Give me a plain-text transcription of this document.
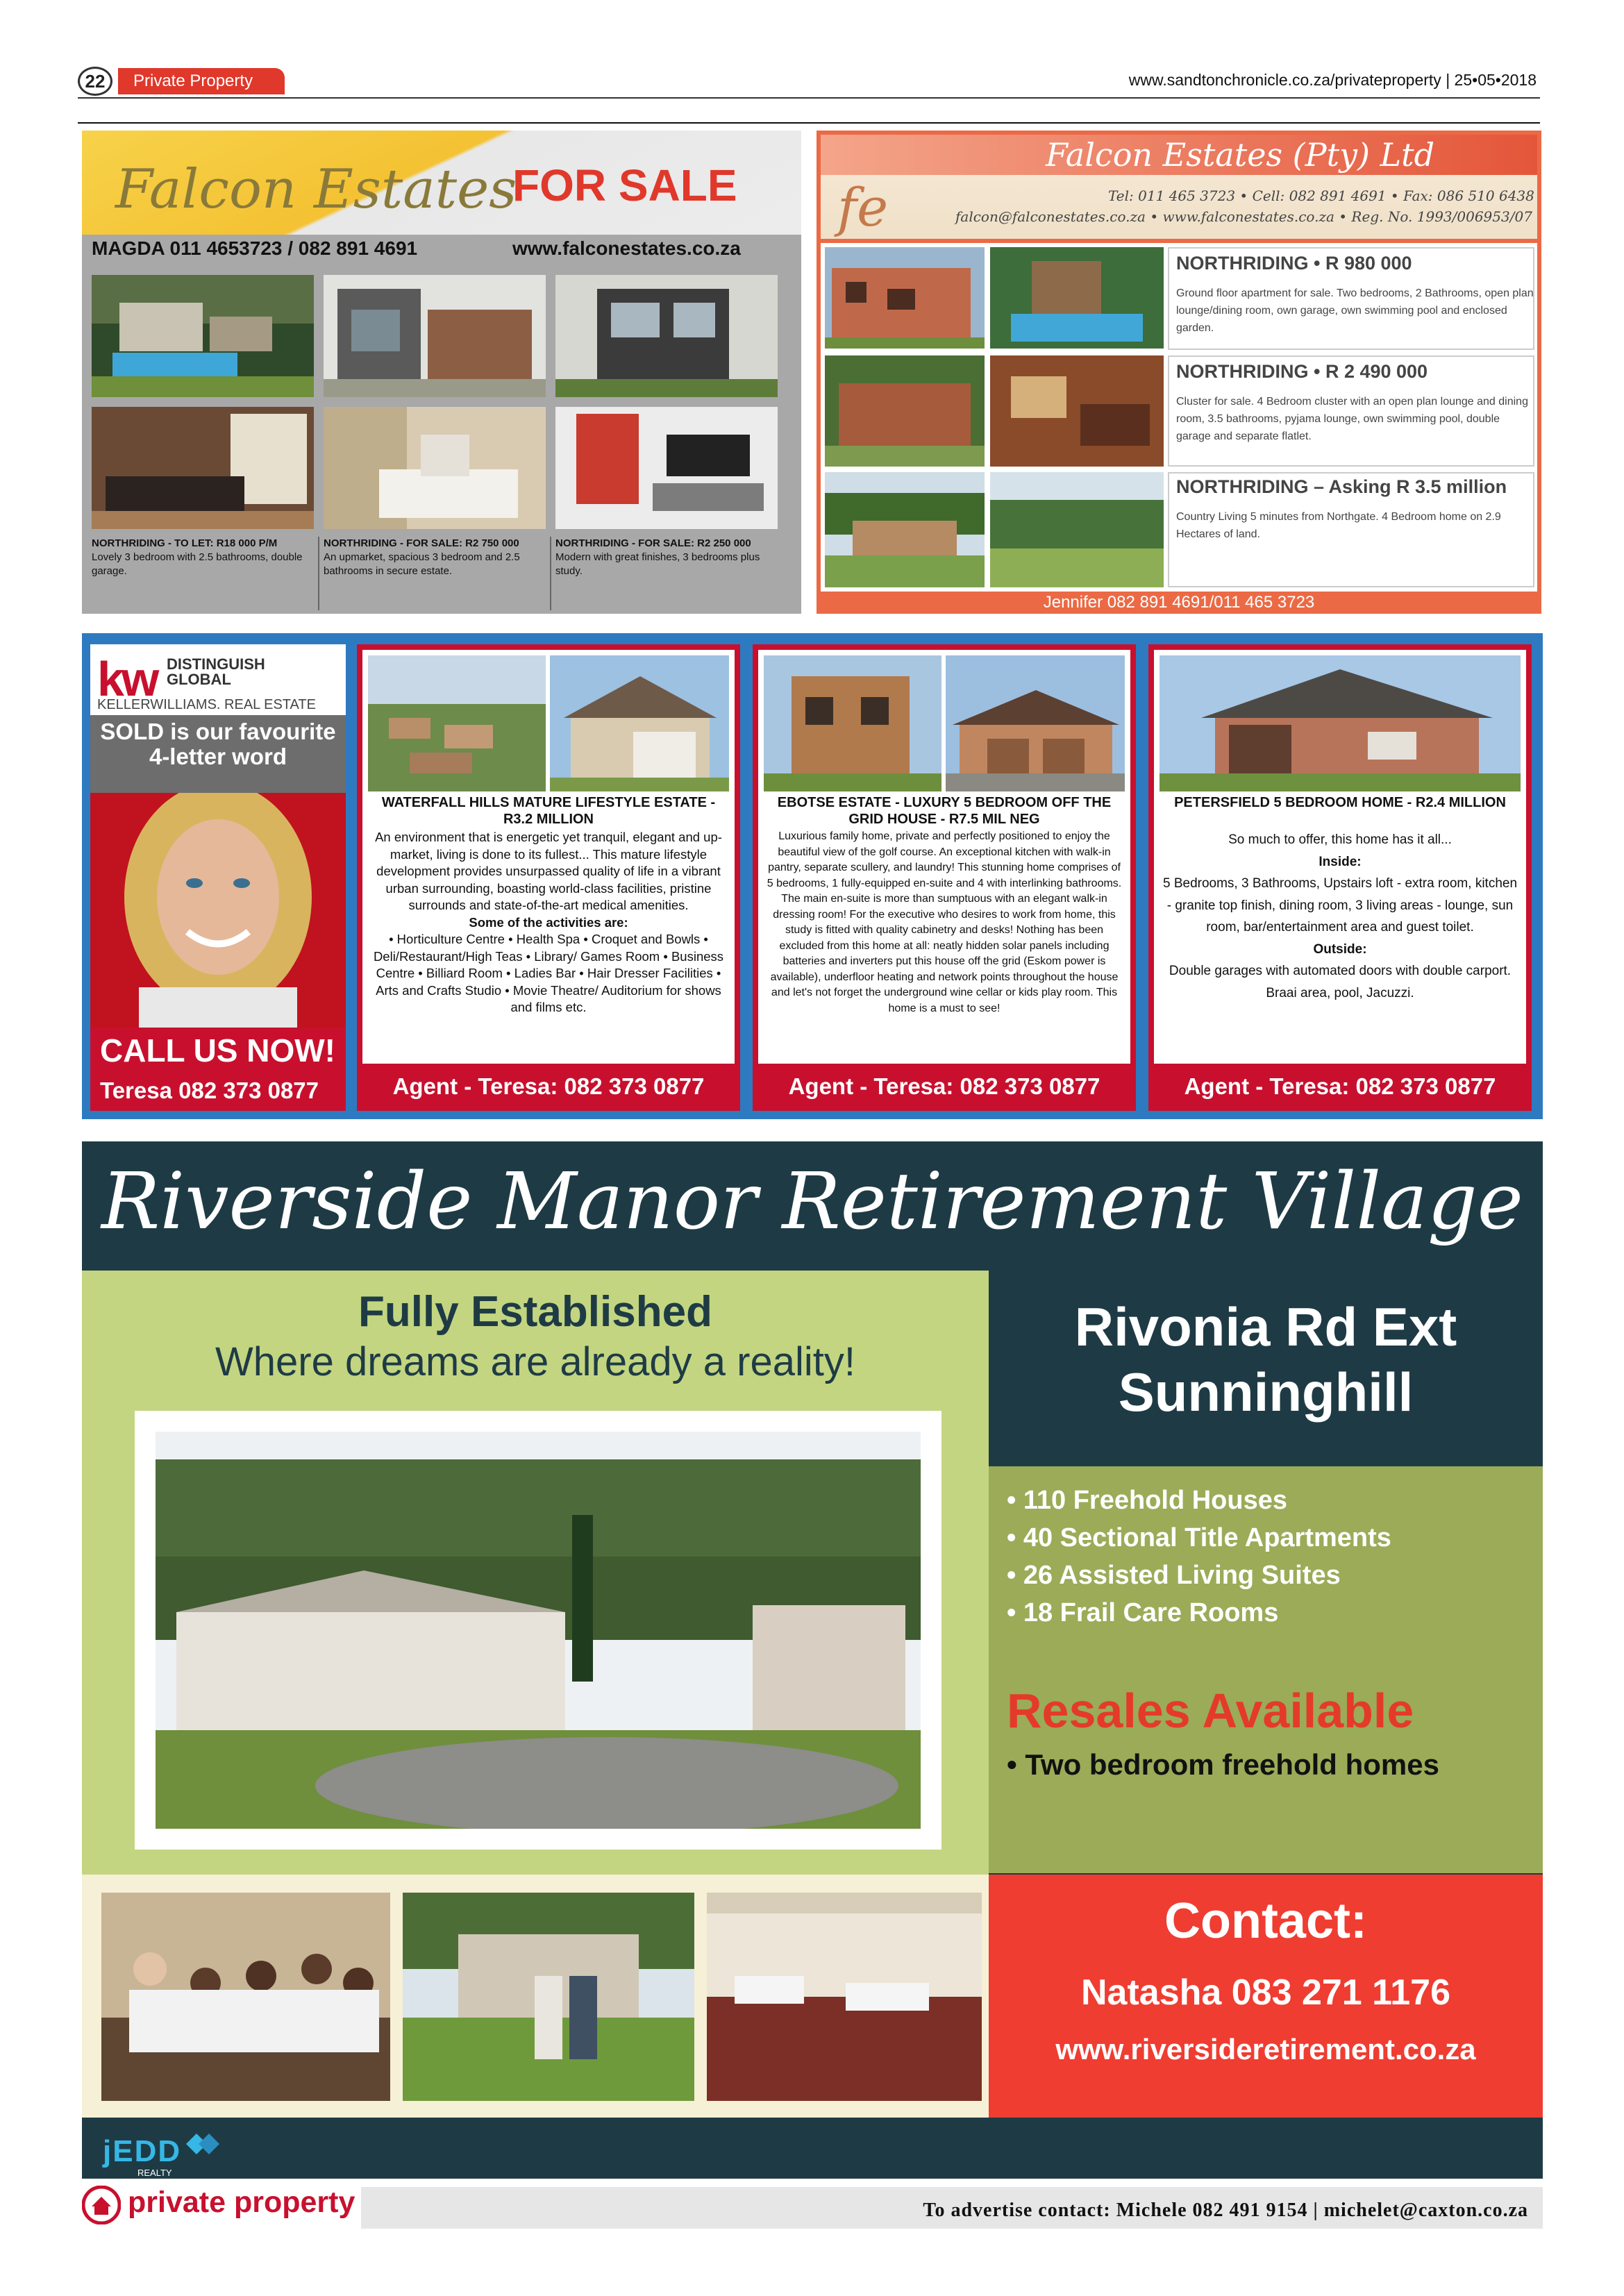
22	Private Property	www.sandtonchronicle.co.za/privateproperty | 25•05•2018
Falcon Estates
FOR SALE
MAGDA 011 4653723 / 082 891 4691	www.falconestates.co.za
NORTHRIDING - TO LET: R18 000 P/M
Lovely 3 bedroom with 2.5 bathrooms, double garage.
NORTHRIDING - FOR SALE: R2 750 000
An upmarket, spacious 3 bedroom and 2.5 bathrooms in secure estate.
NORTHRIDING - FOR SALE: R2 250 000
Modern with great finishes, 3 bedrooms plus study.
Falcon Estates (Pty) Ltd
fe	Tel: 011 465 3723 • Cell: 082 891 4691 • Fax: 086 510 6438
falcon@falconestates.co.za • www.falconestates.co.za • Reg. No. 1993/006953/07
NORTHRIDING • R 980 000
Ground floor apartment for sale. Two bedrooms, 2 Bathrooms, open plan lounge/dining room, own garage, own swimming pool and enclosed garden.
NORTHRIDING • R 2 490 000
Cluster for sale. 4 Bedroom cluster with an open plan lounge and dining room, 3.5 bathrooms, pyjama lounge, own swimming pool, double garage and separate flatlet.
NORTHRIDING – Asking R 3.5 million
Country Living 5 minutes from Northgate. 4 Bedroom home on 2.9 Hectares of land.
Jennifer 082 891 4691/011 465 3723
kw DISTINGUISH
GLOBAL
KELLERWILLIAMS. REAL ESTATE
SOLD is our favourite 4-letter word
CALL US NOW!
Teresa 082 373 0877
WATERFALL HILLS MATURE LIFESTYLE ESTATE - R3.2 MILLION
An environment that is energetic yet tranquil, elegant and up-market, living is done to its fullest... This mature lifestyle development provides unsurpassed quality of life in a vibrant urban surrounding, boasting world-class facilities, pristine surrounds and state-of-the-art medical amenities.
Some of the activities are:
• Horticulture Centre • Health Spa • Croquet and Bowls • Deli/Restaurant/High Teas • Library/ Games Room • Business Centre • Billiard Room • Ladies Bar • Hair Dresser Facilities • Arts and Crafts Studio • Movie Theatre/ Auditorium for shows and films etc.
Agent - Teresa: 082 373 0877
EBOTSE ESTATE - LUXURY 5 BEDROOM OFF THE GRID HOUSE - R7.5 MIL NEG
Luxurious family home, private and perfectly positioned to enjoy the beautiful view of the golf course. An exceptional kitchen with walk-in pantry, separate scullery, and laundry! This stunning home comprises of 5 bedrooms, 1 fully-equipped en-suite and 4 with interlinking bathrooms. The main en-suite is more than sumptuous with an elegant walk-in dressing room! For the executive who desires to work from home, this study is fitted with quality cabinetry and desks! Nothing has been excluded from this home at all: neatly hidden solar panels including batteries and inverters put this house off the grid (Eskom power is available), underfloor heating and network points throughout the house and let's not forget the underground wine cellar or kids play room. This home is a must to see!
Agent - Teresa: 082 373 0877
PETERSFIELD 5 BEDROOM HOME - R2.4 MILLION
So much to offer, this home has it all...
Inside:
5 Bedrooms, 3 Bathrooms, Upstairs loft - extra room, kitchen - granite top finish, dining room, 3 living areas - lounge, sun room, bar/entertainment area and guest toilet.
Outside:
Double garages with automated doors with double carport. Braai area, pool, Jacuzzi.
Agent - Teresa: 082 373 0877
Riverside Manor Retirement Village
Fully Established
Where dreams are already a reality!
Rivonia Rd Ext
Sunninghill
• 110 Freehold Houses
• 40 Sectional Title Apartments
• 26 Assisted Living Suites
• 18 Frail Care Rooms
Resales Available
• Two bedroom freehold homes
Contact:
Natasha 083 271 1176
www.riversideretirement.co.za
jEDD
REALTY
private property	To advertise contact: Michele 082 491 9154 | michelet@caxton.co.za
